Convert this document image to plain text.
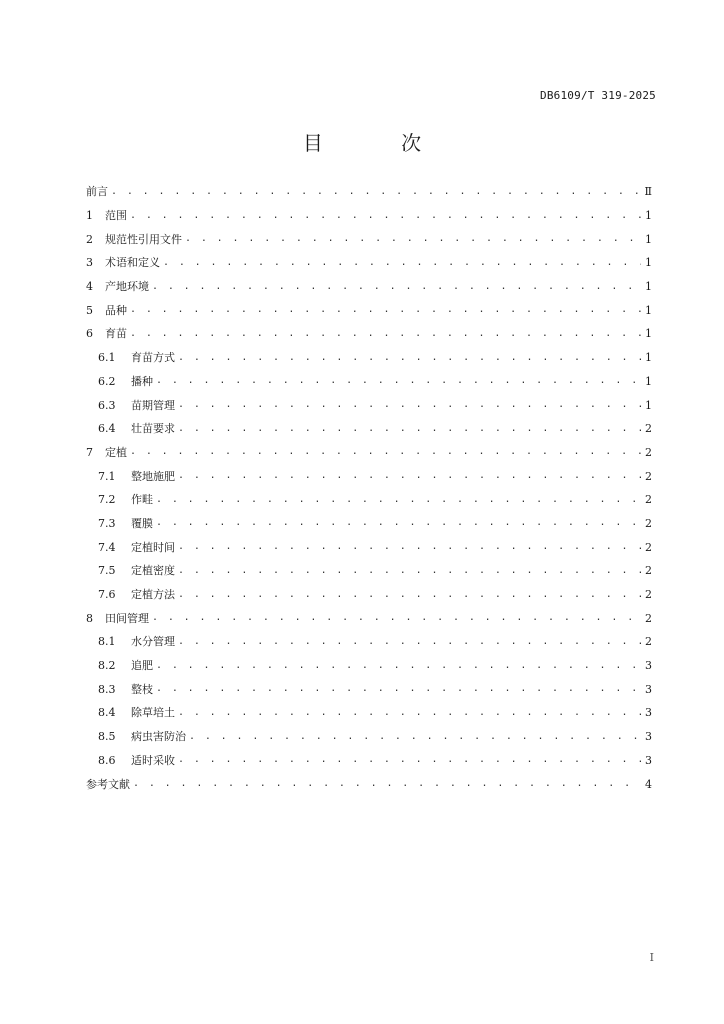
DB6109/T 319-2025
目 次
前言 . . .	Ⅱ
1	范围 . . .	1
2	规范性引用文件 . . .	1
3	术语和定义 . . .	1
4	产地环境 . . .	1
5	品种 . . .	1
6	育苗 . . .	1
6.1	育苗方式 . . .	1
6.2	播种 . . .	1
6.3	苗期管理 . . .	1
6.4	壮苗要求 . . .	2
7	定植 . . .	2
7.1	整地施肥 . . .	2
7.2	作畦 . . .	2
7.3	覆膜 . . .	2
7.4	定植时间 . . .	2
7.5	定植密度 . . .	2
7.6	定植方法 . . .	2
8	田间管理 . . .	2
8.1	水分管理 . . .	2
8.2	追肥 . . .	3
8.3	整枝 . . .	3
8.4	除草培土 . . .	3
8.5	病虫害防治 . . .	3
8.6	适时采收 . . .	3
参考文献 . . .	4
I
